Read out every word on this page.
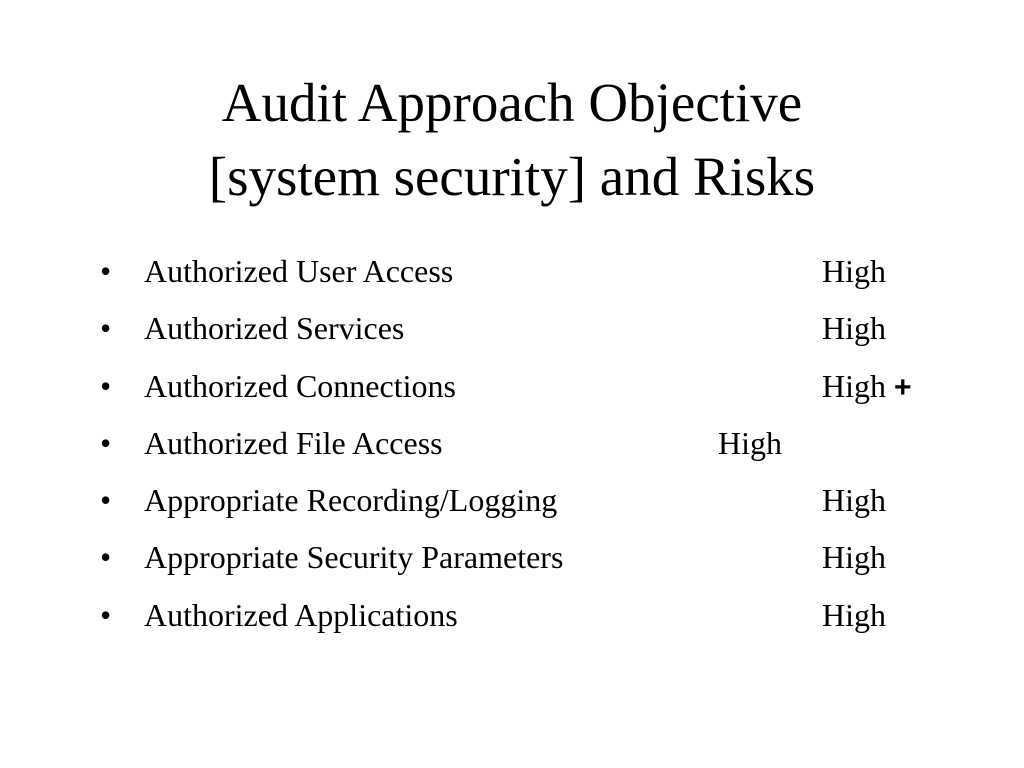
Audit Approach Objective
[system security] and Risks
• Authorized User Access	High
• Authorized Services	High
• Authorized Connections	High +
• Authorized File Access	High
• Appropriate Recording/Logging	High
• Appropriate Security Parameters	High
• Authorized Applications	High
